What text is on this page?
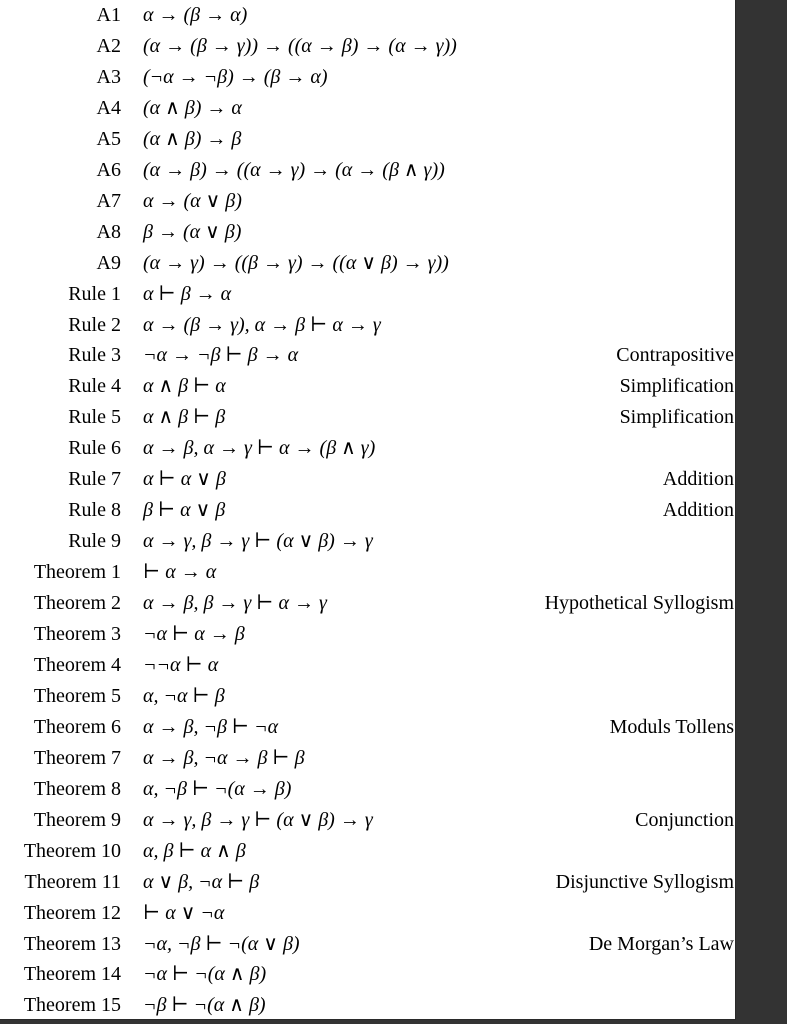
A1 α → (β → α)
A2 (α → (β → γ)) → ((α → β) → (α → γ))
A3 (¬α → ¬β) → (β → α)
A4 (α ∧ β) → α
A5 (α ∧ β) → β
A6 (α → β) → ((α → γ) → (α → (β ∧ γ))
A7 α → (α ∨ β)
A8 β → (α ∨ β)
A9 (α → γ) → ((β → γ) → ((α ∨ β) → γ))
Rule 1 α ⊢ β → α
Rule 2 α → (β → γ), α → β ⊢ α → γ
Rule 3 ¬α → ¬β ⊢ β → α	Contrapositive
Rule 4 α ∧ β ⊢ α	Simplification
Rule 5 α ∧ β ⊢ β	Simplification
Rule 6 α → β, α → γ ⊢ α → (β ∧ γ)
Rule 7 α ⊢ α ∨ β	Addition
Rule 8 β ⊢ α ∨ β	Addition
Rule 9 α → γ, β → γ ⊢ (α ∨ β) → γ
Theorem 1 ⊢ α → α
Theorem 2 α → β, β → γ ⊢ α → γ	Hypothetical Syllogism
Theorem 3 ¬α ⊢ α → β
Theorem 4 ¬¬α ⊢ α
Theorem 5 α, ¬α ⊢ β
Theorem 6 α → β, ¬β ⊢ ¬α	Moduls Tollens
Theorem 7 α → β, ¬α → β ⊢ β
Theorem 8 α, ¬β ⊢ ¬(α → β)
Theorem 9 α → γ, β → γ ⊢ (α ∨ β) → γ	Conjunction
Theorem 10 α, β ⊢ α ∧ β
Theorem 11 α ∨ β, ¬α ⊢ β	Disjunctive Syllogism
Theorem 12 ⊢ α ∨ ¬α
Theorem 13 ¬α, ¬β ⊢ ¬(α ∨ β)	De Morgan’s Law
Theorem 14 ¬α ⊢ ¬(α ∧ β)
Theorem 15 ¬β ⊢ ¬(α ∧ β)
